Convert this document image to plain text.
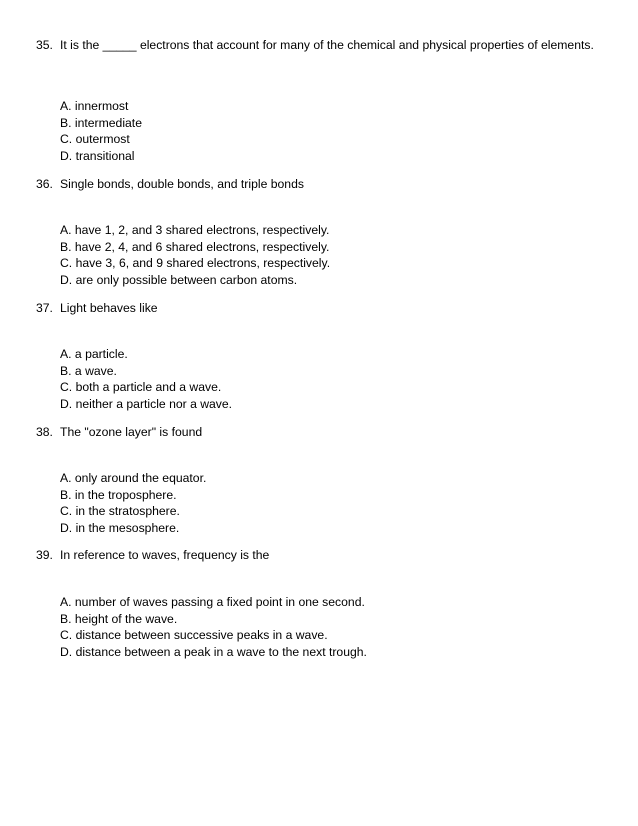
35. It is the _____ electrons that account for many of the chemical and physical properties of elements.
A. innermost
B. intermediate
C. outermost
D. transitional
36. Single bonds, double bonds, and triple bonds
A. have 1, 2, and 3 shared electrons, respectively.
B. have 2, 4, and 6 shared electrons, respectively.
C. have 3, 6, and 9 shared electrons, respectively.
D. are only possible between carbon atoms.
37. Light behaves like
A. a particle.
B. a wave.
C. both a particle and a wave.
D. neither a particle nor a wave.
38. The "ozone layer" is found
A. only around the equator.
B. in the troposphere.
C. in the stratosphere.
D. in the mesosphere.
39. In reference to waves, frequency is the
A. number of waves passing a fixed point in one second.
B. height of the wave.
C. distance between successive peaks in a wave.
D. distance between a peak in a wave to the next trough.
